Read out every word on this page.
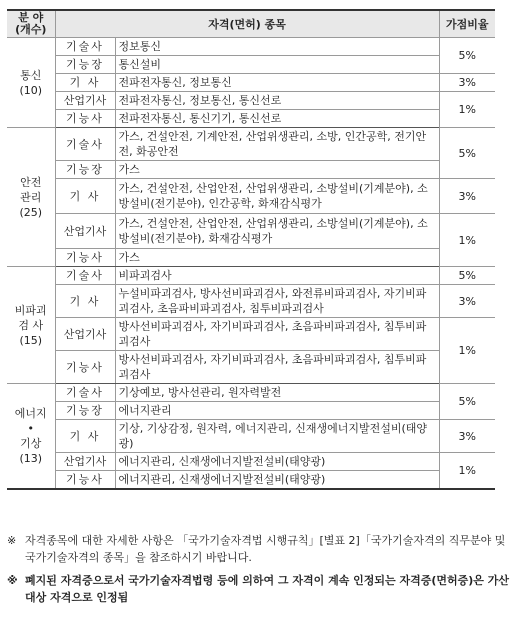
분 야
(개수)	자격(면허) 종목		가점비율
통신
(10)	기술사	정보통신	5%
	기능장	통신설비	
	기 사	전파전자통신, 정보통신	3%
	산업기사	전파전자통신, 정보통신, 통신선로	1%
	기능사	전파전자통신, 통신기기, 통신선로	
안전
관리
(25)	기술사	가스, 건설안전, 기계안전, 산업위생관리, 소방, 인간공학, 전기안전, 화공안전	5%
	기능장	가스	
	기 사	가스, 건설안전, 산업안전, 산업위생관리, 소방설비(기계분야), 소방설비(전기분야), 인간공학, 화재감식평가	3%
	산업기사	가스, 건설안전, 산업안전, 산업위생관리, 소방설비(기계분야), 소방설비(전기분야), 화재감식평가	1%
	기능사	가스	
비파괴
검 사
(15)	기술사	비파괴검사	5%
	기 사	누설비파괴검사, 방사선비파괴검사, 와전류비파괴검사, 자기비파괴검사, 초음파비파괴검사, 침투비파괴검사	3%
	산업기사	방사선비파괴검사, 자기비파괴검사, 초음파비파괴검사, 침투비파괴검사	1%
	기능사	방사선비파괴검사, 자기비파괴검사, 초음파비파괴검사, 침투비파괴검사	
에너지
•
기상
(13)	기술사	기상예보, 방사선관리, 원자력발전	5%
	기능장	에너지관리	
	기 사	기상, 기상감정, 원자력, 에너지관리, 신재생에너지발전설비(태양광)	3%
	산업기사	에너지관리, 신재생에너지발전설비(태양광)	1%
	기능사	에너지관리, 신재생에너지발전설비(태양광)	
※ 자격종목에 대한 자세한 사항은 「국가기술자격법 시행규칙」[별표 2]「국가기술자격의 직무분야 및 국가기술자격의 종목」을 참조하시기 바랍니다.
※ 폐지된 자격증으로서 국가기술자격법령 등에 의하여 그 자격이 계속 인정되는 자격증(면허증)은 가산대상 자격으로 인정됨
